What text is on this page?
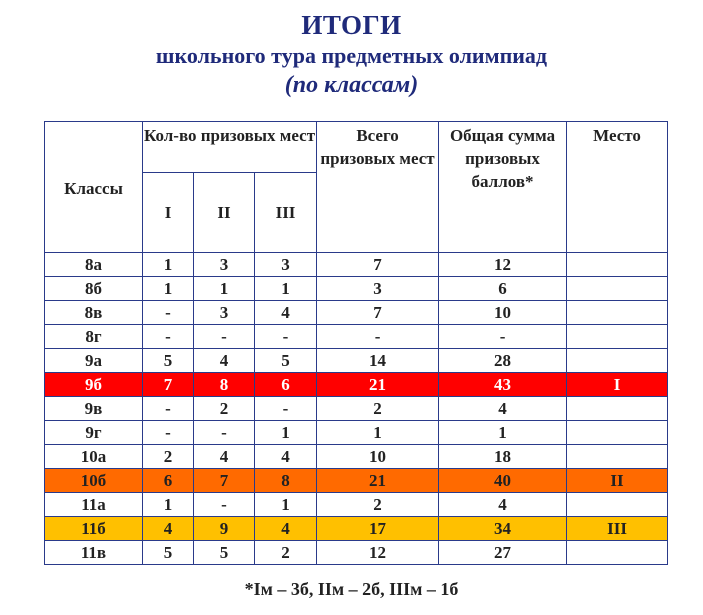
ИТОГИ
школьного тура предметных олимпиад
(по классам)
Классы	Кол-во призовых мест			Всего призовых мест	Общая сумма призовых баллов*	Место
	I	II	III			
8а	1	3	3	7	12	
8б	1	1	1	3	6	
8в	-	3	4	7	10	
8г	-	-	-	-	-	
9а	5	4	5	14	28	
9б	7	8	6	21	43	I
9в	-	2	-	2	4	
9г	-	-	1	1	1	
10а	2	4	4	10	18	
10б	6	7	8	21	40	II
11а	1	-	1	2	4	
11б	4	9	4	17	34	III
11в	5	5	2	12	27	
*Iм – 3б, IIм – 2б, IIIм – 1б
